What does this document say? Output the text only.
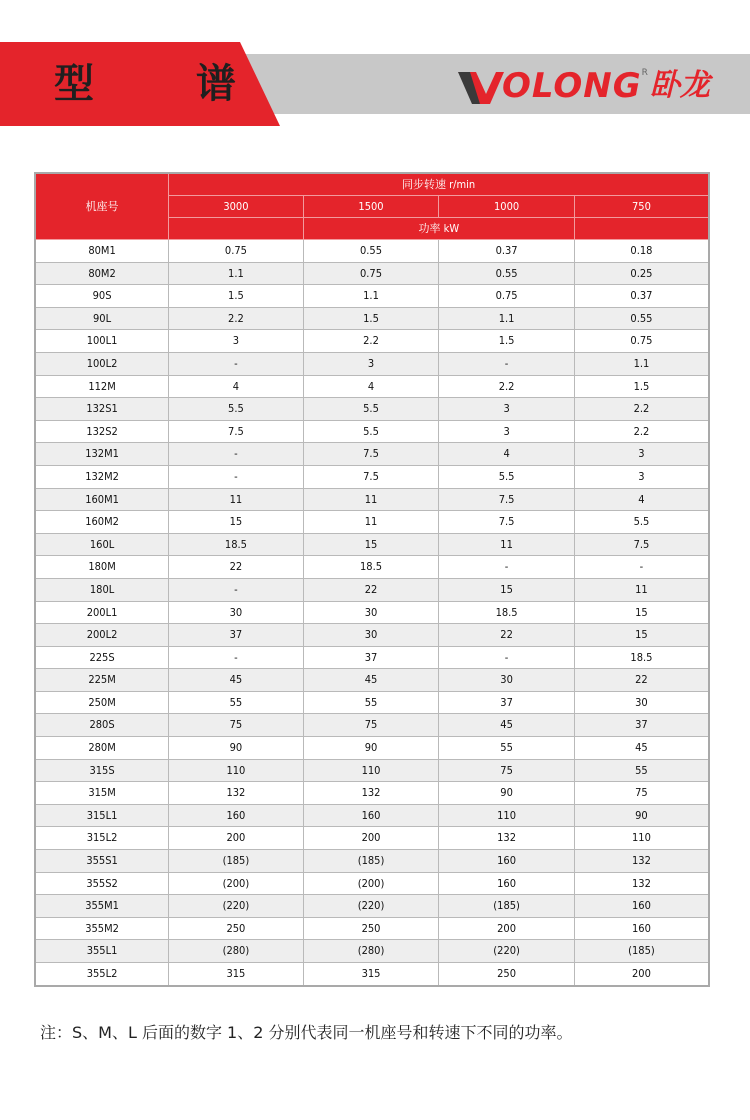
型 谱	OLONG R 卧龙
机座号	同步转速 r/min			
	3000	1500	1000	750
		功率 kW		
80M1	0.75	0.55	0.37	0.18
80M2	1.1	0.75	0.55	0.25
90S	1.5	1.1	0.75	0.37
90L	2.2	1.5	1.1	0.55
100L1	3	2.2	1.5	0.75
100L2	-	3	-	1.1
112M	4	4	2.2	1.5
132S1	5.5	5.5	3	2.2
132S2	7.5	5.5	3	2.2
132M1	-	7.5	4	3
132M2	-	7.5	5.5	3
160M1	11	11	7.5	4
160M2	15	11	7.5	5.5
160L	18.5	15	11	7.5
180M	22	18.5	-	-
180L	-	22	15	11
200L1	30	30	18.5	15
200L2	37	30	22	15
225S	-	37	-	18.5
225M	45	45	30	22
250M	55	55	37	30
280S	75	75	45	37
280M	90	90	55	45
315S	110	110	75	55
315M	132	132	90	75
315L1	160	160	110	90
315L2	200	200	132	110
355S1	(185)	(185)	160	132
355S2	(200)	(200)	160	132
355M1	(220)	(220)	(185)	160
355M2	250	250	200	160
355L1	(280)	(280)	(220)	(185)
355L2	315	315	250	200
注：S、M、L 后面的数字 1、2 分别代表同一机座号和转速下不同的功率。
